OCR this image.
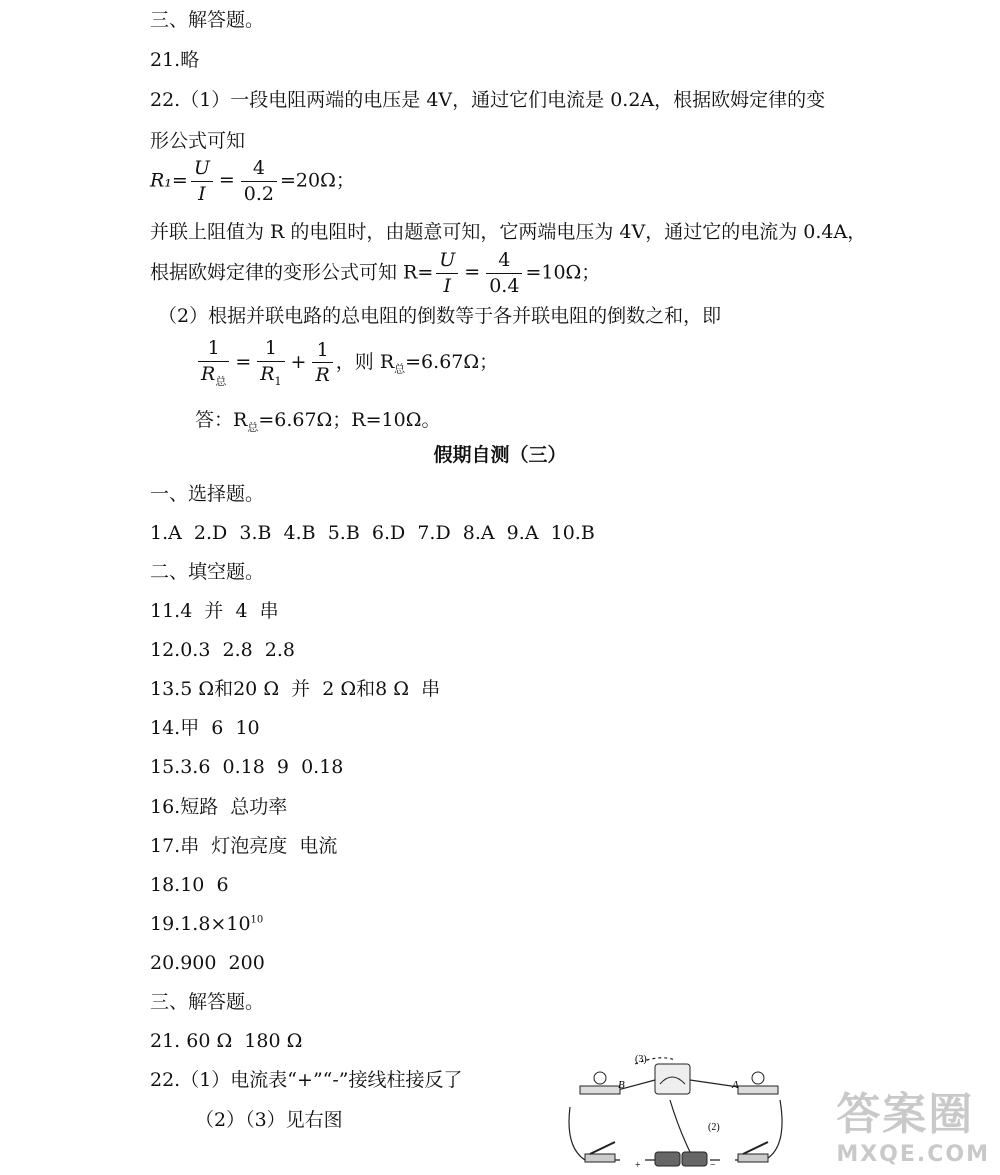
三、解答题。
21.略
22.（1）一段电阻两端的电压是 4V，通过它们电流是 0.2A，根据欧姆定律的变
形公式可知
$R_1= \frac{U}{I} = \frac{4}{0.2} =20\Omega$；
并联上阻值为 R 的电阻时，由题意可知，它两端电压为 4V，通过它的电流为 0.4A，
根据欧姆定律的变形公式可知 $R= \frac{U}{I} = \frac{4}{0.4} =10\Omega$；
（2）根据并联电路的总电阻的倒数等于各并联电阻的倒数之和，即
$\frac{1}{R_总} = \frac{1}{R_1} + \frac{1}{R}$ ，则 $R_总=6.67\Omega$；
答：$R_总=6.67\Omega$；R=10Ω。
假期自测（三）
一、选择题。
1.A  2.D  3.B  4.B  5.B  6.D  7.D  8.A  9.A  10.B
二、填空题。
11.4  并  4  串
12.0.3  2.8  2.8
13.5 Ω和20 Ω  并  2 Ω和8 Ω  串
14.甲  6  10
15.3.6  0.18  9  0.18
16.短路  总功率
17.串  灯泡亮度  电流
18.10  6
$19.1.8\times 10^{10}$
20.900  200
三、解答题。
21. 60 Ω  180 Ω
22.（1）电流表“+”“-”接线柱接反了
（2）（3）见右图
B	A
(3)
(2)
+	−
答案圈
MXQE.COM
